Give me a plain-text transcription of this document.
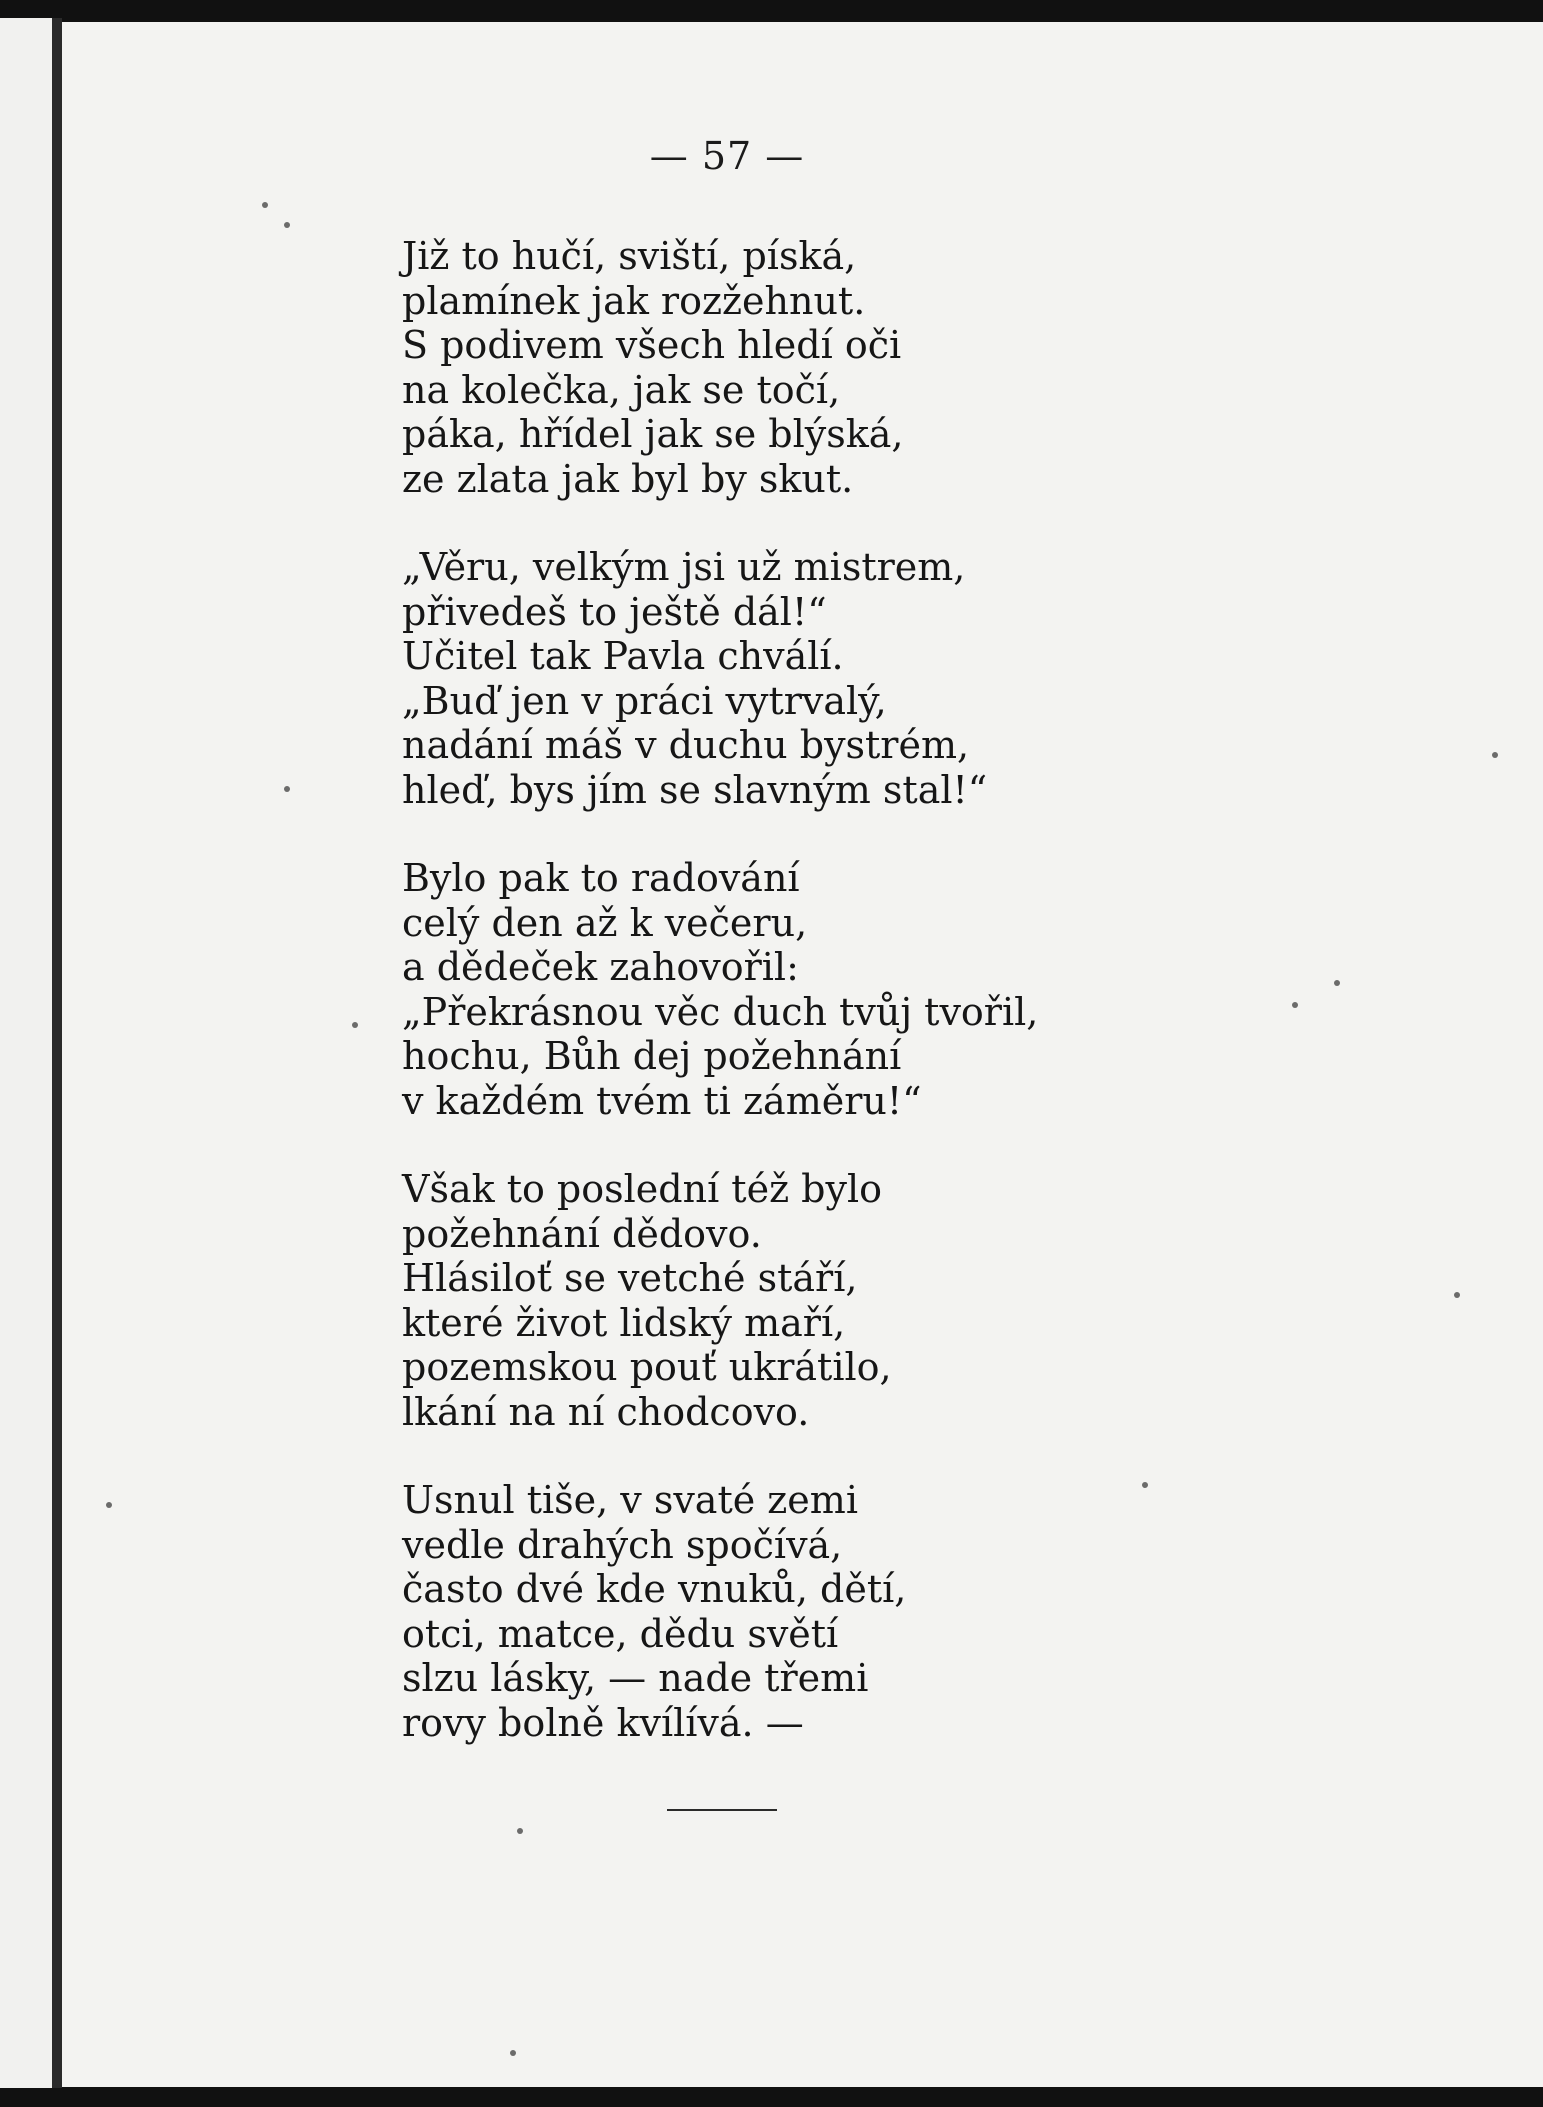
— 57 —
Již to hučí, sviští, píská,
plamínek jak rozžehnut.
S podivem všech hledí oči
na kolečka, jak se točí,
páka, hřídel jak se blýská,
ze zlata jak byl by skut.
„Věru, velkým jsi už mistrem,
přivedeš to ještě dál!“
Učitel tak Pavla chválí.
„Buď jen v práci vytrvalý,
nadání máš v duchu bystrém,
hleď, bys jím se slavným stal!“
Bylo pak to radování
celý den až k večeru,
a dědeček zahovořil:
„Překrásnou věc duch tvůj tvořil,
hochu, Bůh dej požehnání
v každém tvém ti záměru!“
Však to poslední též bylo
požehnání dědovo.
Hlásiloť se vetché stáří,
které život lidský maří,
pozemskou pouť ukrátilo,
lkání na ní chodcovo.
Usnul tiše, v svaté zemi
vedle drahých spočívá,
často dvé kde vnuků, dětí,
otci, matce, dědu světí
slzu lásky, — nade třemi
rovy bolně kvílívá. —
